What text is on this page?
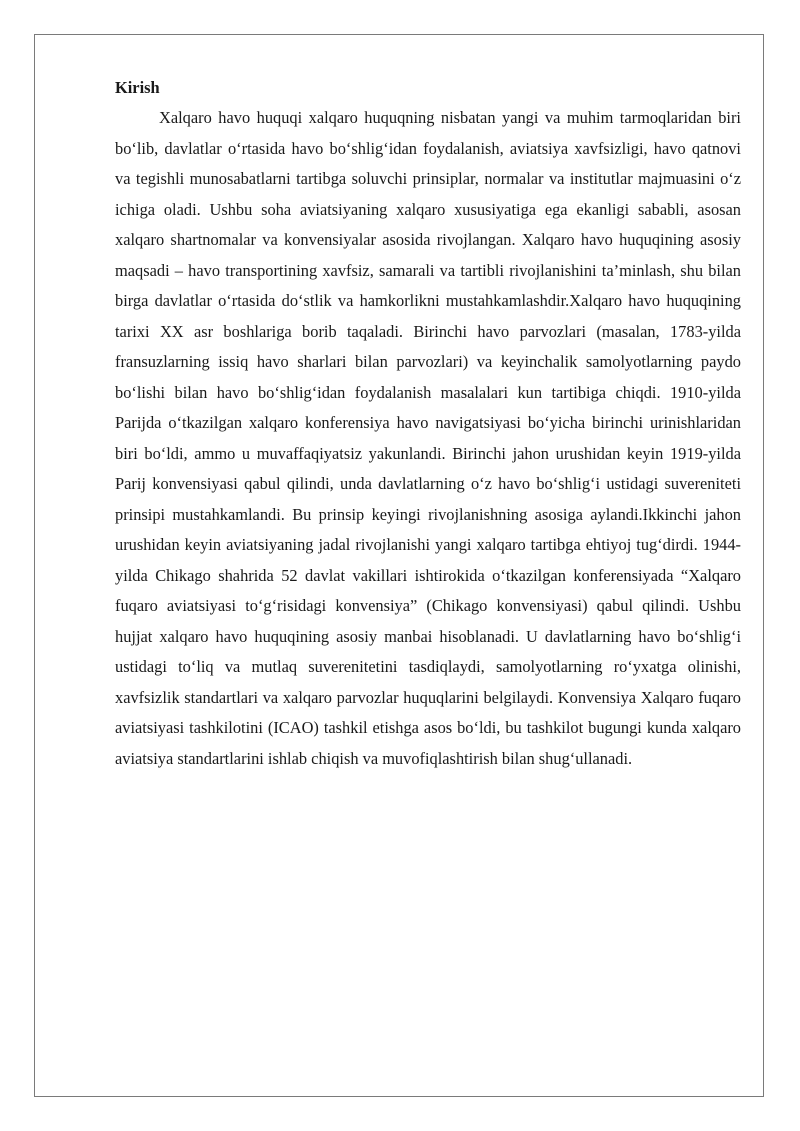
Kirish

Xalqaro havo huquqi xalqaro huquqning nisbatan yangi va muhim tarmoqlaridan biri bo‘lib, davlatlar o‘rtasida havo bo‘shlig‘idan foydalanish, aviatsiya xavfsizligi, havo qatnovi va tegishli munosabatlarni tartibga soluvchi prinsiplar, normalar va institutlar majmuasini o‘z ichiga oladi. Ushbu soha aviatsiyaning xalqaro xususiyatiga ega ekanligi sababli, asosan xalqaro shartnomalar va konvensiyalar asosida rivojlangan. Xalqaro havo huquqining asosiy maqsadi – havo transportining xavfsiz, samarali va tartibli rivojlanishini ta’minlash, shu bilan birga davlatlar o‘rtasida do‘stlik va hamkorlikni mustahkamlashdir.Xalqaro havo huquqining tarixi XX asr boshlariga borib taqaladi. Birinchi havo parvozlari (masalan, 1783-yilda fransuzlarning issiq havo sharlari bilan parvozlari) va keyinchalik samolyotlarning paydo bo‘lishi bilan havo bo‘shlig‘idan foydalanish masalalari kun tartibiga chiqdi. 1910-yilda Parijda o‘tkazilgan xalqaro konferensiya havo navigatsiyasi bo‘yicha birinchi urinishlaridan biri bo‘ldi, ammo u muvaffaqiyatsiz yakunlandi. Birinchi jahon urushidan keyin 1919-yilda Parij konvensiyasi qabul qilindi, unda davlatlarning o‘z havo bo‘shlig‘i ustidagi suvereniteti prinsipi mustahkamlandi. Bu prinsip keyingi rivojlanishning asosiga aylandi.Ikkinchi jahon urushidan keyin aviatsiyaning jadal rivojlanishi yangi xalqaro tartibga ehtiyoj tug‘dirdi. 1944-yilda Chikago shahrida 52 davlat vakillari ishtirokida o‘tkazilgan konferensiyada “Xalqaro fuqaro aviatsiyasi to‘g‘risidagi konvensiya” (Chikago konvensiyasi) qabul qilindi. Ushbu hujjat xalqaro havo huquqining asosiy manbai hisoblanadi. U davlatlarning havo bo‘shlig‘i ustidagi to‘liq va mutlaq suverenitetini tasdiqlaydi, samolyotlarning ro‘yxatga olinishi, xavfsizlik standartlari va xalqaro parvozlar huquqlarini belgilaydi. Konvensiya Xalqaro fuqaro aviatsiyasi tashkilotini (ICAO) tashkil etishga asos bo‘ldi, bu tashkilot bugungi kunda xalqaro aviatsiya standartlarini ishlab chiqish va muvofiqlashtirish bilan shug‘ullanadi.
